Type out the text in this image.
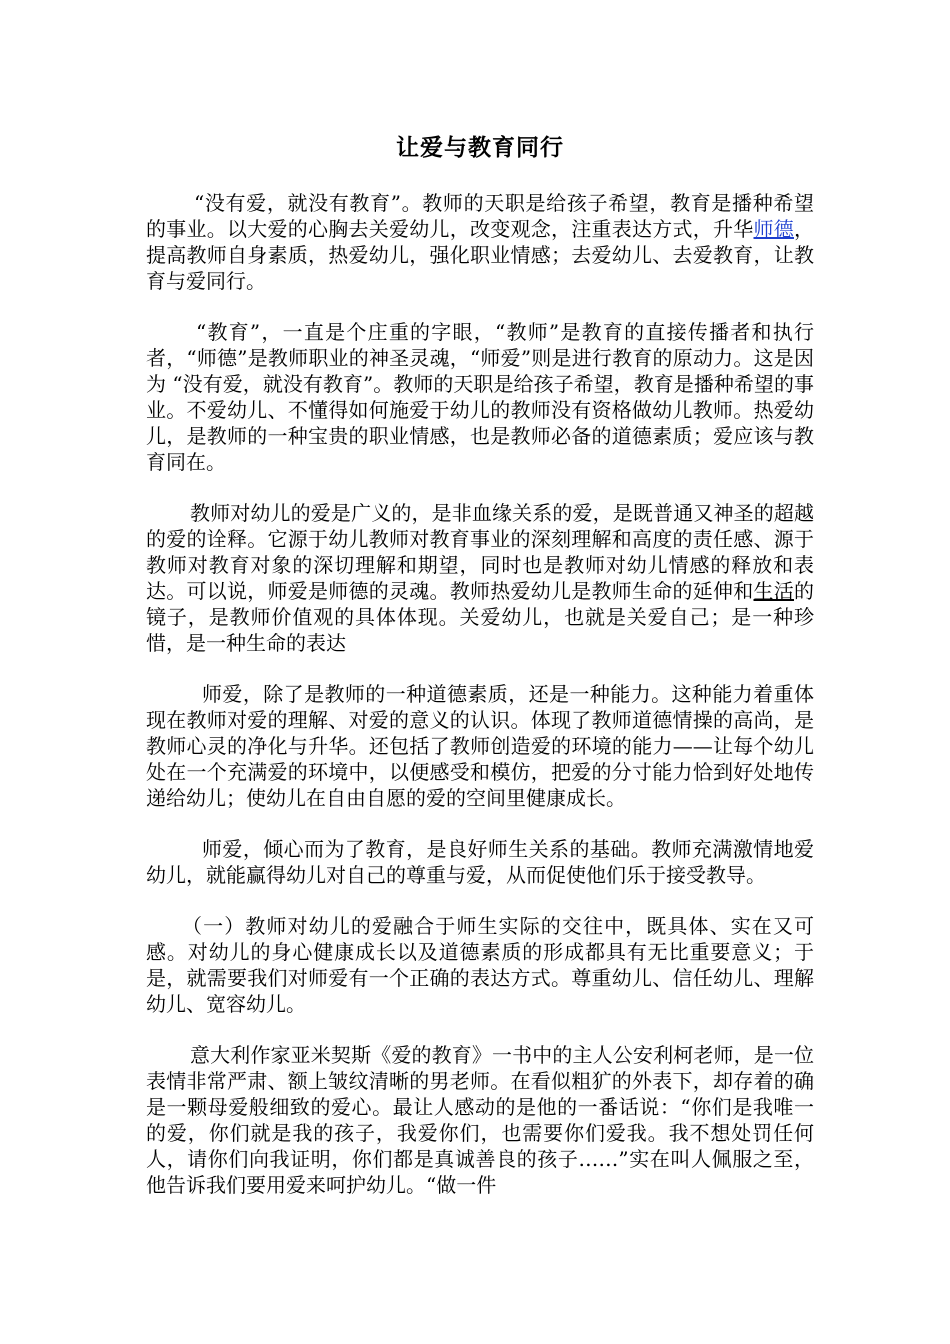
让爱与教育同行

“没有爱，就没有教育”。教师的天职是给孩子希望，教育是播种希望的事业。以大爱的心胸去关爱幼儿，改变观念，注重表达方式，升华师德，提高教师自身素质，热爱幼儿，强化职业情感；去爱幼儿、去爱教育，让教育与爱同行。

“教育”，一直是个庄重的字眼，“教师”是教育的直接传播者和执行者，“师德”是教师职业的神圣灵魂，“师爱”则是进行教育的原动力。这是因为 “没有爱，就没有教育”。教师的天职是给孩子希望，教育是播种希望的事业。不爱幼儿、不懂得如何施爱于幼儿的教师没有资格做幼儿教师。热爱幼儿，是教师的一种宝贵的职业情感，也是教师必备的道德素质；爱应该与教育同在。

教师对幼儿的爱是广义的，是非血缘关系的爱，是既普通又神圣的超越的爱的诠释。它源于幼儿教师对教育事业的深刻理解和高度的责任感、源于教师对教育对象的深切理解和期望，同时也是教师对幼儿情感的释放和表达。可以说，师爱是师德的灵魂。教师热爱幼儿是教师生命的延伸和生活的镜子，是教师价值观的具体体现。关爱幼儿，也就是关爱自己；是一种珍惜，是一种生命的表达

师爱，除了是教师的一种道德素质，还是一种能力。这种能力着重体现在教师对爱的理解、对爱的意义的认识。体现了教师道德情操的高尚，是教师心灵的净化与升华。还包括了教师创造爱的环境的能力——让每个幼儿处在一个充满爱的环境中，以便感受和模仿，把爱的分寸能力恰到好处地传递给幼儿；使幼儿在自由自愿的爱的空间里健康成长。

师爱，倾心而为了教育，是良好师生关系的基础。教师充满激情地爱幼儿，就能赢得幼儿对自己的尊重与爱，从而促使他们乐于接受教导。

（一）教师对幼儿的爱融合于师生实际的交往中，既具体、实在又可感。对幼儿的身心健康成长以及道德素质的形成都具有无比重要意义；于是，就需要我们对师爱有一个正确的表达方式。尊重幼儿、信任幼儿、理解幼儿、宽容幼儿。

意大利作家亚米契斯《爱的教育》一书中的主人公安利柯老师，是一位表情非常严肃、额上皱纹清晰的男老师。在看似粗犷的外表下，却存着的确是一颗母爱般细致的爱心。最让人感动的是他的一番话说：“你们是我唯一的爱，你们就是我的孩子，我爱你们，也需要你们爱我。我不想处罚任何人，请你们向我证明，你们都是真诚善良的孩子……”实在叫人佩服之至，他告诉我们要用爱来呵护幼儿。“做一件
